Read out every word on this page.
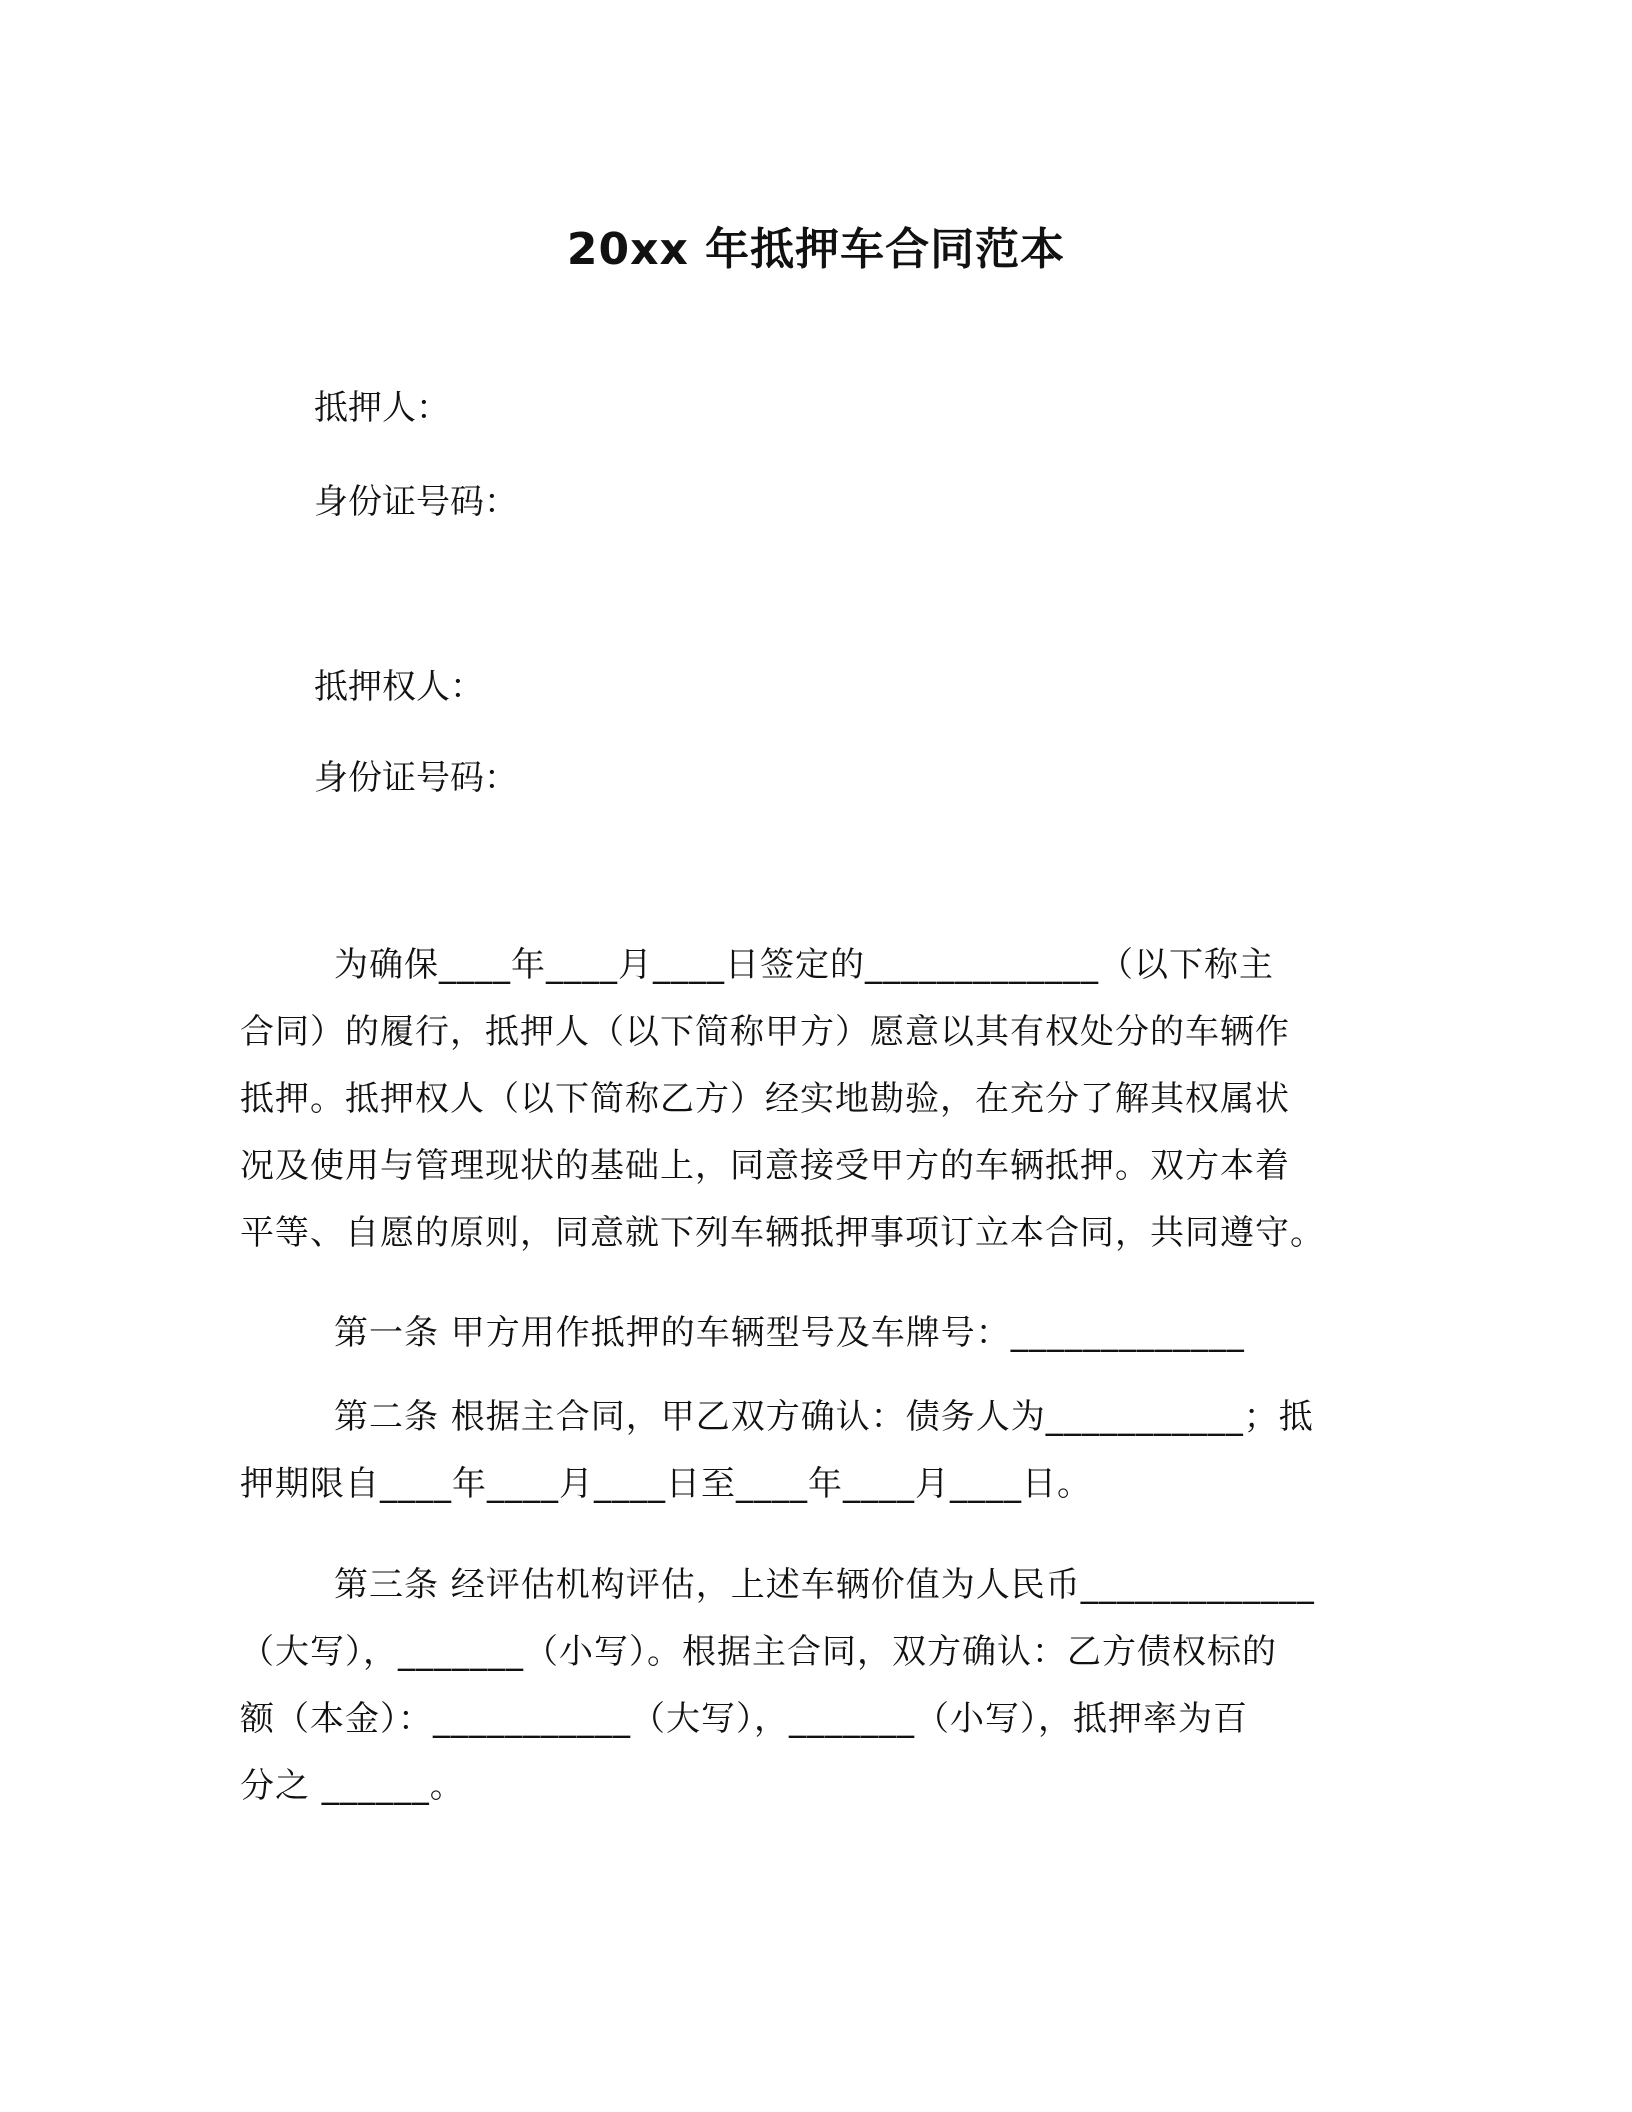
20xx 年抵押车合同范本
抵押人：
身份证号码：
抵押权人：
身份证号码：
为确保____年____月____日签定的_____________（以下称主
合同）的履行，抵押人（以下简称甲方）愿意以其有权处分的车辆作
抵押。抵押权人（以下简称乙方）经实地勘验，在充分了解其权属状
况及使用与管理现状的基础上，同意接受甲方的车辆抵押。双方本着
平等、自愿的原则，同意就下列车辆抵押事项订立本合同，共同遵守。
第一条 甲方用作抵押的车辆型号及车牌号：_____________
第二条 根据主合同，甲乙双方确认：债务人为___________；抵
押期限自____年____月____日至____年____月____日。
第三条 经评估机构评估，上述车辆价值为人民币_____________
（大写），_______（小写）。根据主合同，双方确认：乙方债权标的
额（本金）：___________（大写），_______（小写），抵押率为百
分之 ______。
